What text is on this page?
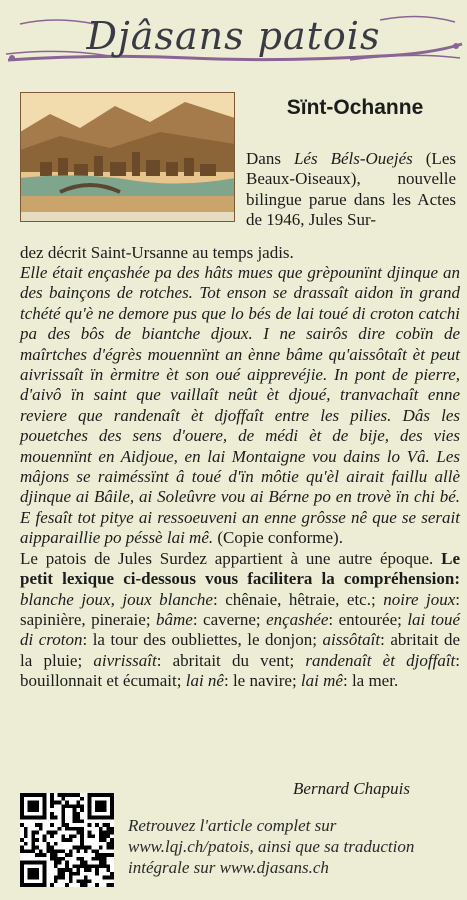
Djâsans patois
Sïnt-Ochanne

Dans Lés Béls-Ouejés (Les Beaux-Oiseaux), nouvelle bilingue parue dans les Actes de 1946, Jules Sur-

dez décrit Saint-Ursanne au temps jadis.

Elle était ençashée pa des hâts mues que grèpounïnt djinque an des bainçons de rotches. Tot enson se drassaît aidon ïn grand tchété qu'è ne demore pus que lo bés de lai toué di croton catchi pa des bôs de biantche djoux. I ne sairôs dire cobïn de maîrtches d'égrès mouennïnt an ènne bâme qu'aissôtaît èt peut aivrissaît ïn èrmitre èt son oué aipprevéjie. In pont de pierre, d'aivô ïn saint que vaillaît neût èt djoué, tranvachaît enne reviere que randenaît èt djoffaît entre les pilies. Dâs les pouetches des sens d'ouere, de médi èt de bije, des vies mouennïnt en Aidjoue, en lai Montaigne vou dains lo Vâ. Les mâjons se raiméssïnt â toué d'ïn môtie qu'èl airait faillu allè djinque ai Bâile, ai Soleûvre vou ai Bérne po en trovè ïn chi bé. E fesaît tot pitye ai ressoeuveni an enne grôsse nê que se serait aipparaillie po péssè lai mê. (Copie conforme).
Le patois de Jules Surdez appartient à une autre époque. Le petit lexique ci-dessous vous facilitera la compréhension: blanche joux, joux blanche: chênaie, hêtraie, etc.; noire joux: sapinière, pineraie; bâme: caverne; ençashée: entourée; lai toué di croton: la tour des oubliettes, le donjon; aissôtaît: abritait de la pluie; aivrissaît: abritait du vent; randenaît èt djoffaît: bouillonnait et écumait; lai nê: le navire; lai mê: la mer.
Bernard Chapuis
Retrouvez l'article complet sur www.lqj.ch/patois, ainsi que sa traduction intégrale sur www.djasans.ch
